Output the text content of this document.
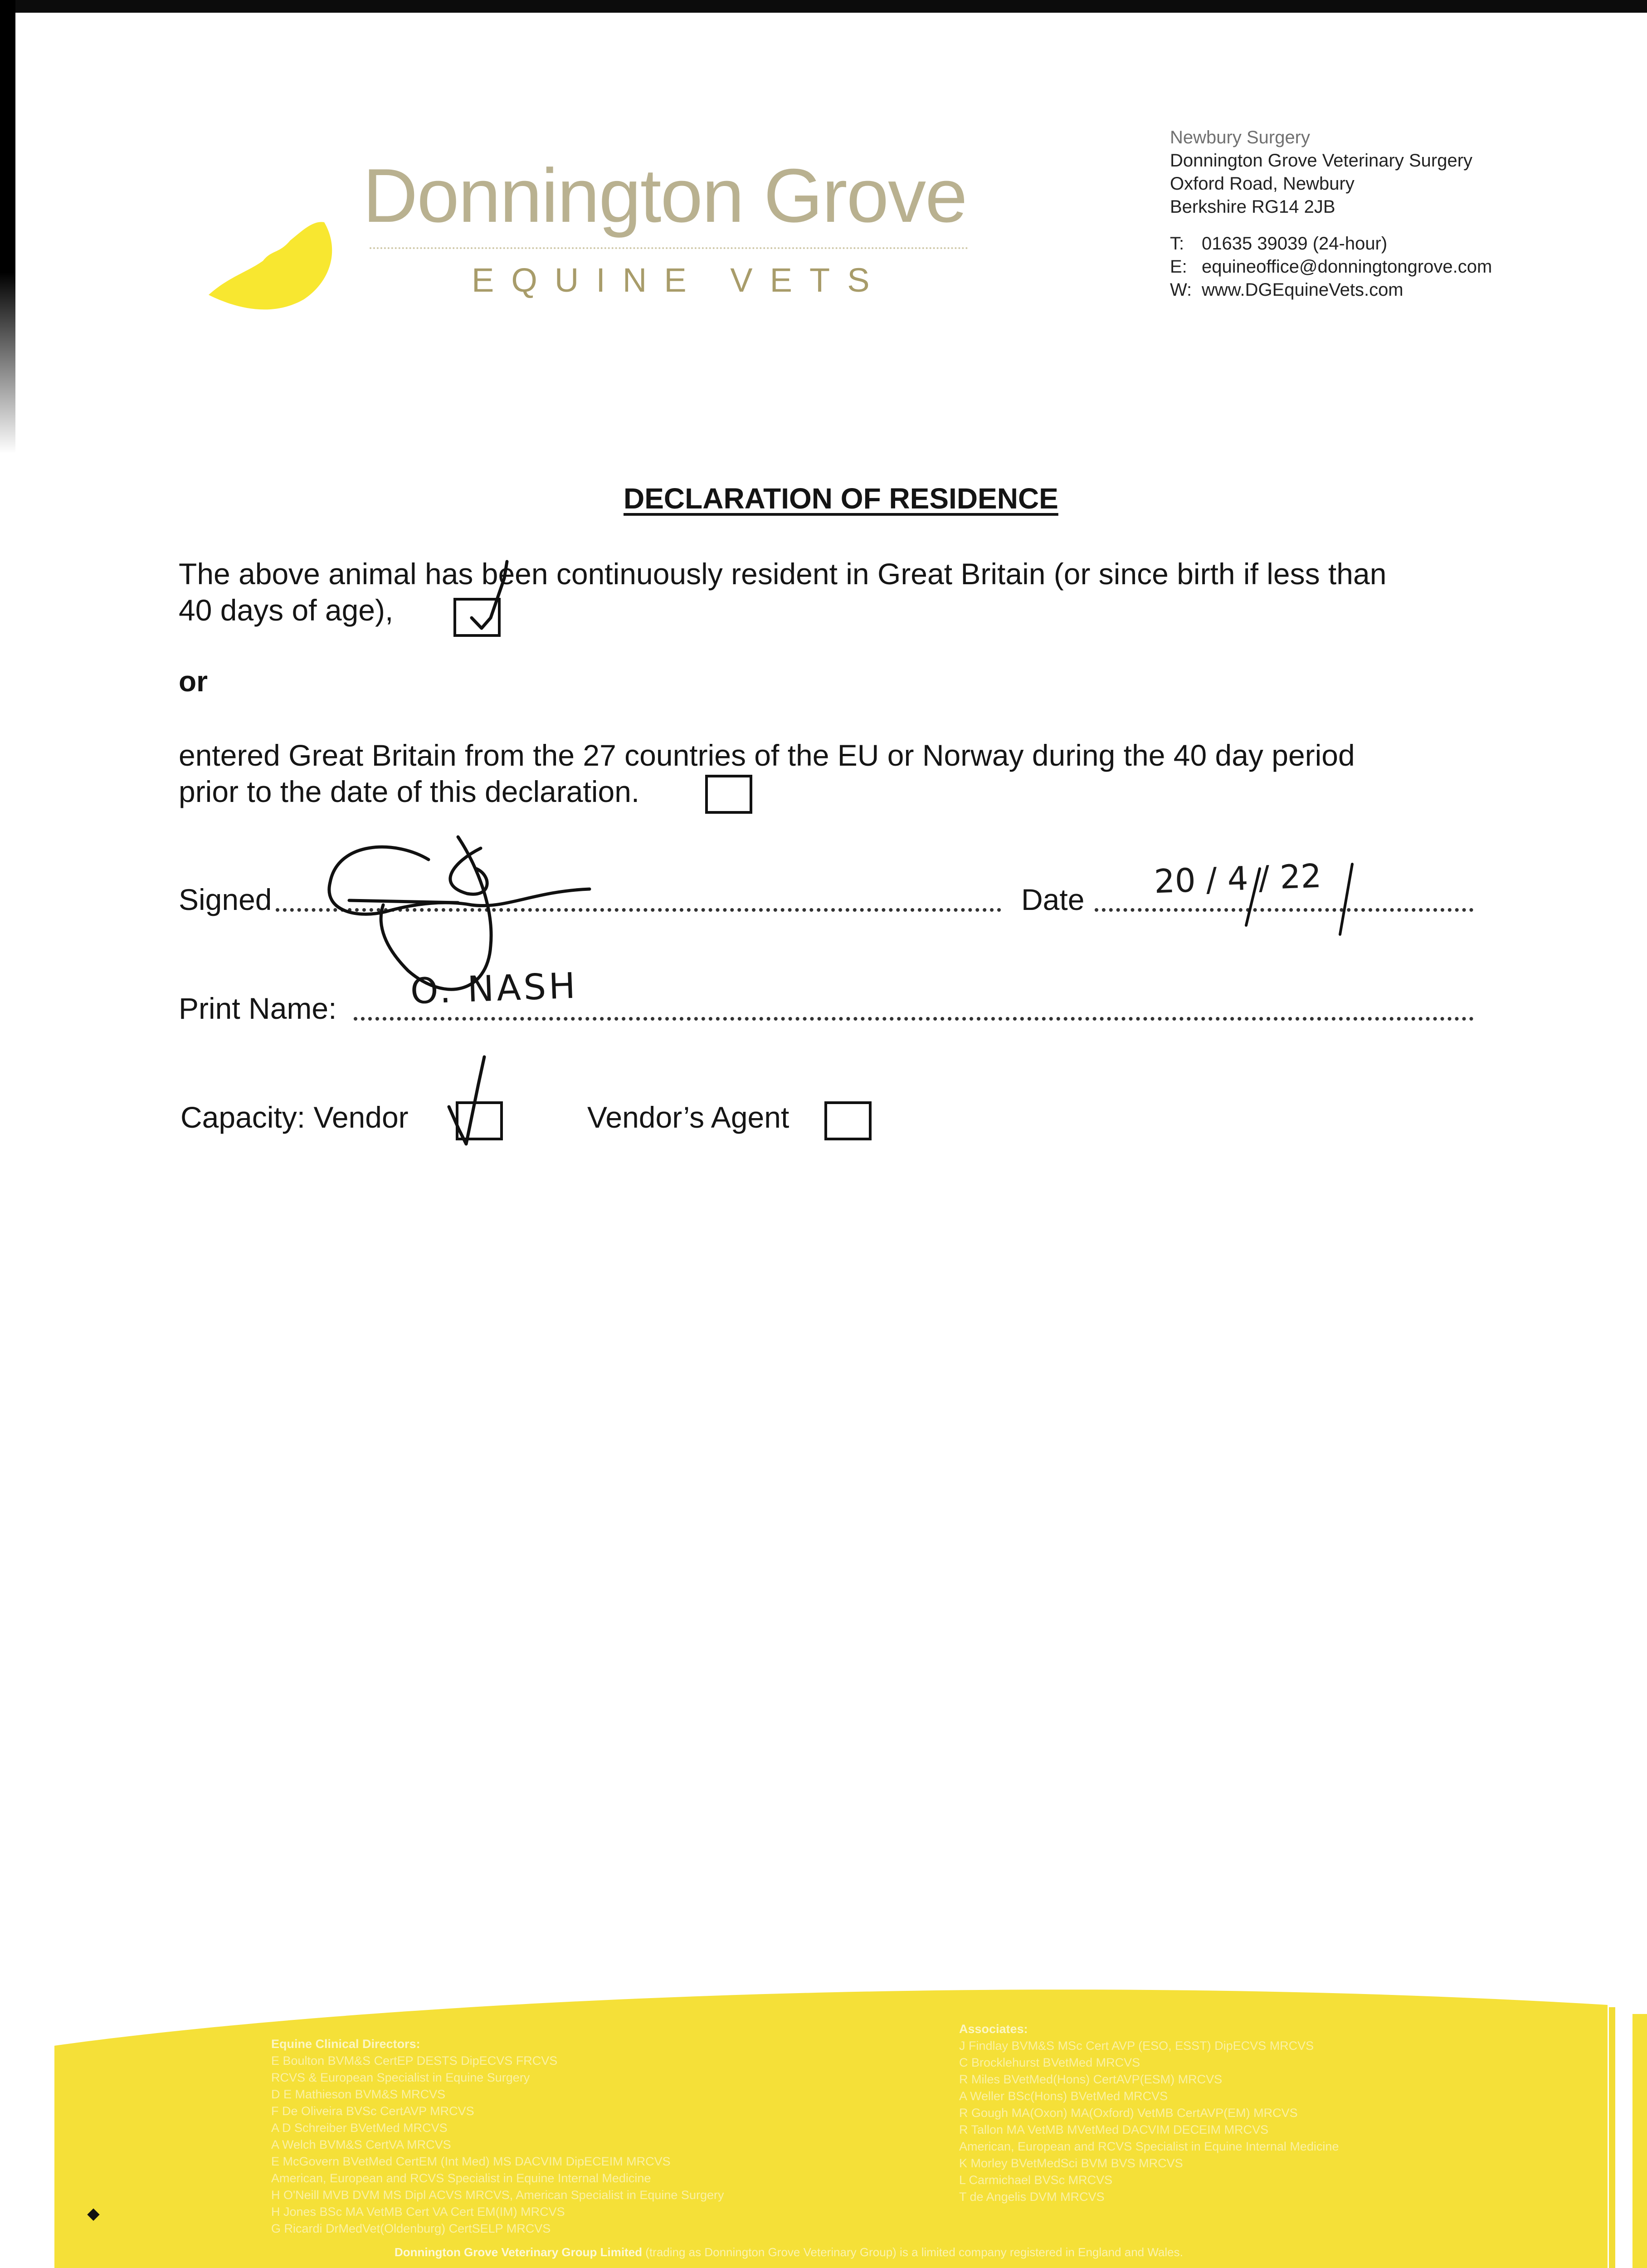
Donnington Grove
EQUINE VETS
Newbury Surgery
Donnington Grove Veterinary Surgery
Oxford Road, Newbury
Berkshire RG14 2JB
T: 01635 39039 (24-hour)
E: equineoffice@donningtongrove.com
W: www.DGEquineVets.com
DECLARATION OF RESIDENCE
The above animal has been continuously resident in Great Britain (or since birth if less than
40 days of age),
or
entered Great Britain from the 27 countries of the EU or Norway during the 40 day period
prior to the date of this declaration.
Signed	Date 20 / 4 / 22
Print Name: O. NASH
Capacity: Vendor	Vendor’s Agent
Equine Clinical Directors:
E Boulton BVM&S CertEP DESTS DipECVS FRCVS
RCVS & European Specialist in Equine Surgery
D E Mathieson BVM&S MRCVS
F De Oliveira BVSc CertAVP MRCVS
A D Schreiber BVetMed MRCVS
A Welch BVM&S CertVA MRCVS
E McGovern BVetMed CertEM (Int Med) MS DACVIM DipECEIM MRCVS
American, European and RCVS Specialist in Equine Internal Medicine
H O'Neill MVB DVM MS Dipl ACVS MRCVS, American Specialist in Equine Surgery
H Jones BSc MA VetMB Cert VA Cert EM(IM) MRCVS
G Ricardi DrMedVet(Oldenburg) CertSELP MRCVS
Associates:
J Findlay BVM&S MSc Cert AVP (ESO, ESST) DipECVS MRCVS
C Brocklehurst BVetMed MRCVS
R Miles BVetMed(Hons) CertAVP(ESM) MRCVS
A Weller BSc(Hons) BVetMed MRCVS
R Gough MA(Oxon) MA(Oxford) VetMB CertAVP(EM) MRCVS
R Tallon MA VetMB MVetMed DACVIM DECEIM MRCVS
American, European and RCVS Specialist in Equine Internal Medicine
K Morley BVetMedSci BVM BVS MRCVS
L Carmichael BVSc MRCVS
T de Angelis DVM MRCVS
Donnington Grove Veterinary Group Limited (trading as Donnington Grove Veterinary Group) is a limited company registered in England and Wales.
⬥
